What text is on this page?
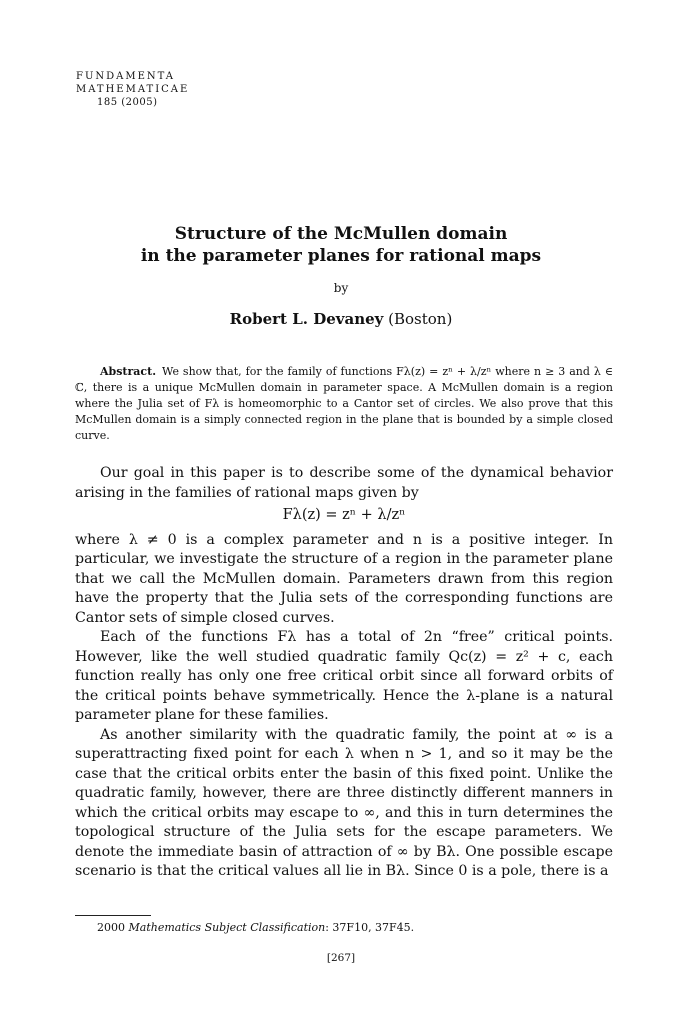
FUNDAMENTA
MATHEMATICAE
185 (2005)
Structure of the McMullen domain
in the parameter planes for rational maps
by
Robert L. Devaney (Boston)
Abstract. We show that, for the family of functions Fλ(z) = zⁿ + λ/zⁿ where n ≥ 3 and λ ∈ ℂ, there is a unique McMullen domain in parameter space. A McMullen domain is a region where the Julia set of Fλ is homeomorphic to a Cantor set of circles. We also prove that this McMullen domain is a simply connected region in the plane that is bounded by a simple closed curve.

Our goal in this paper is to describe some of the dynamical behavior arising in the families of rational maps given by

Fλ(z) = zⁿ + λ/zⁿ

where λ ≠ 0 is a complex parameter and n is a positive integer. In particular, we investigate the structure of a region in the parameter plane that we call the McMullen domain. Parameters drawn from this region have the property that the Julia sets of the corresponding functions are Cantor sets of simple closed curves.

Each of the functions Fλ has a total of 2n “free” critical points. However, like the well studied quadratic family Qc(z) = z² + c, each function really has only one free critical orbit since all forward orbits of the critical points behave symmetrically. Hence the λ-plane is a natural parameter plane for these families.

As another similarity with the quadratic family, the point at ∞ is a superattracting fixed point for each λ when n > 1, and so it may be the case that the critical orbits enter the basin of this fixed point. Unlike the quadratic family, however, there are three distinctly different manners in which the critical orbits may escape to ∞, and this in turn determines the topological structure of the Julia sets for the escape parameters. We denote the immediate basin of attraction of ∞ by Bλ. One possible escape scenario is that the critical values all lie in Bλ. Since 0 is a pole, there is a

2000 Mathematics Subject Classification: 37F10, 37F45.
[267]
